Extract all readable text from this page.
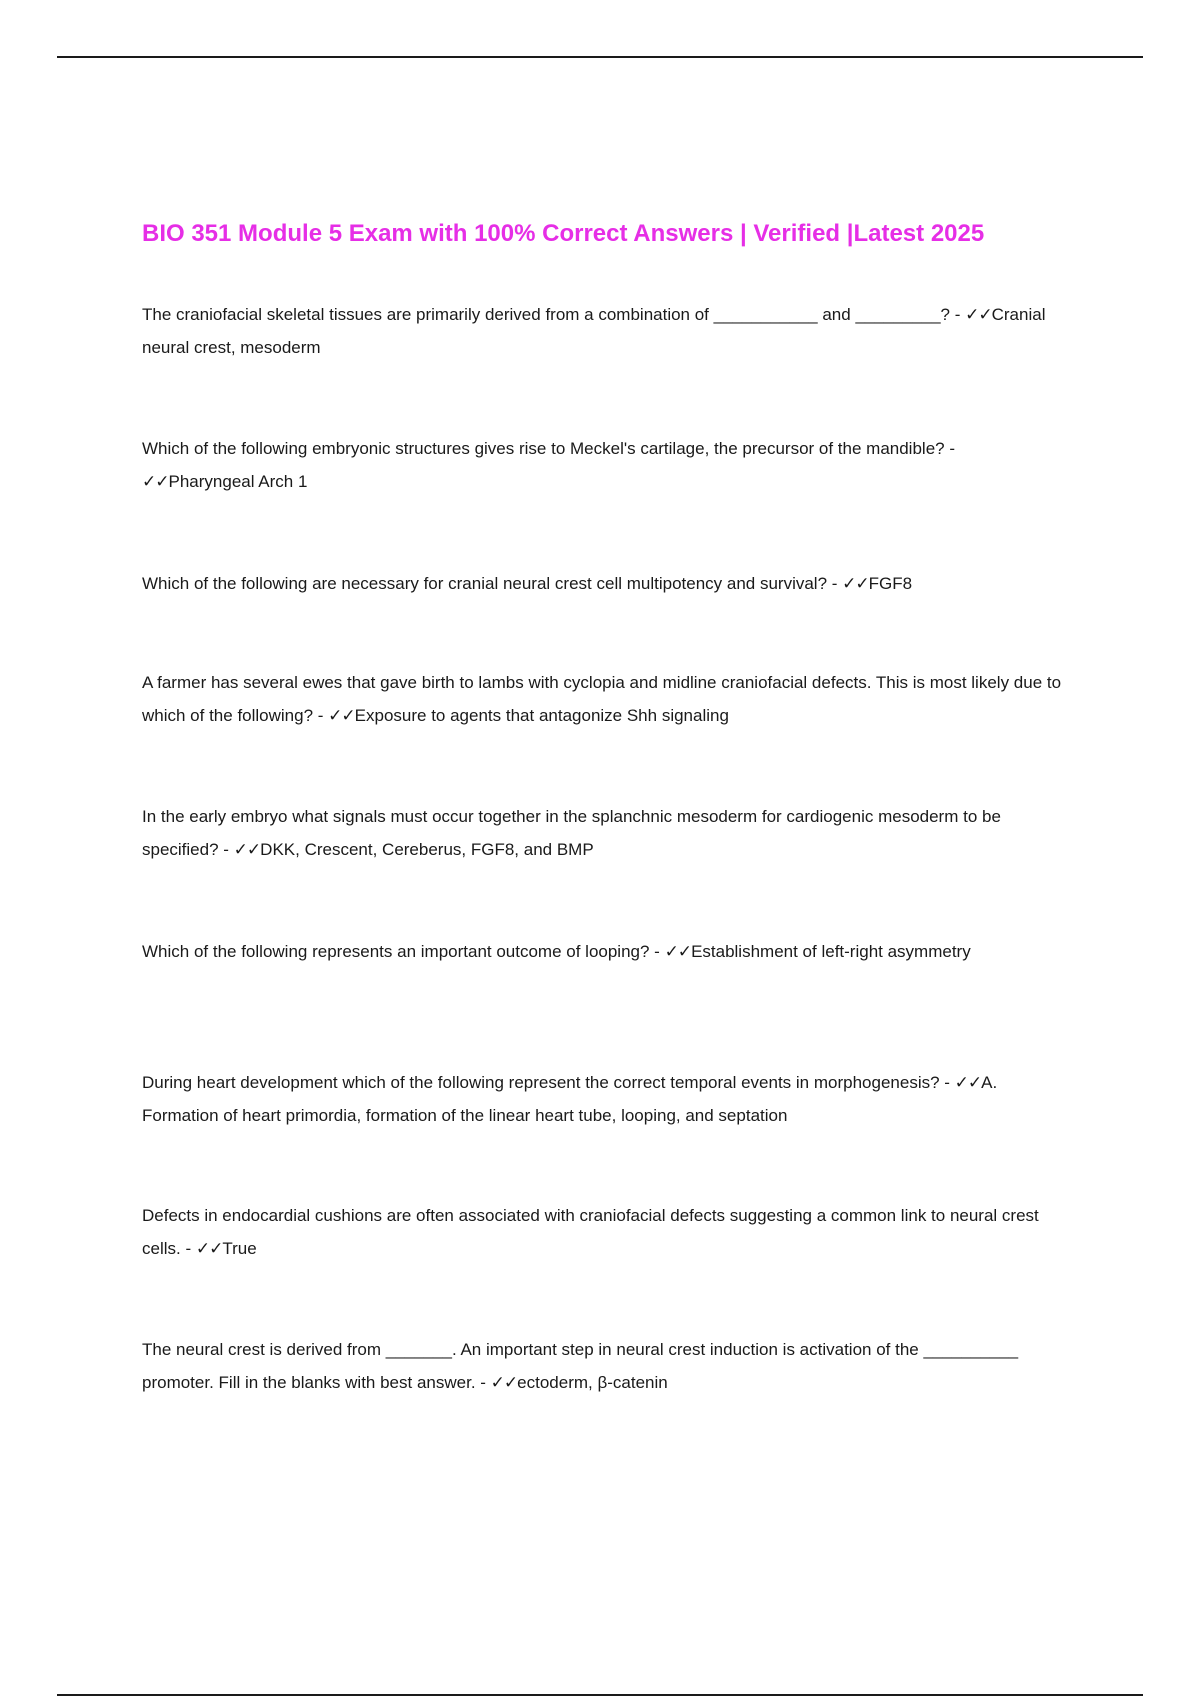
BIO 351 Module 5 Exam with 100% Correct Answers | Verified |Latest 2025

The craniofacial skeletal tissues are primarily derived from a combination of ___________ and _________? - ✓✓Cranial neural crest, mesoderm

Which of the following embryonic structures gives rise to Meckel's cartilage, the precursor of the mandible? - ✓✓Pharyngeal Arch 1

Which of the following are necessary for cranial neural crest cell multipotency and survival? - ✓✓FGF8

A farmer has several ewes that gave birth to lambs with cyclopia and midline craniofacial defects. This is most likely due to which of the following? - ✓✓Exposure to agents that antagonize Shh signaling

In the early embryo what signals must occur together in the splanchnic mesoderm for cardiogenic mesoderm to be specified? - ✓✓DKK, Crescent, Cereberus, FGF8, and BMP

Which of the following represents an important outcome of looping? - ✓✓Establishment of left-right asymmetry

During heart development which of the following represent the correct temporal events in morphogenesis? - ✓✓A. Formation of heart primordia, formation of the linear heart tube, looping, and septation

Defects in endocardial cushions are often associated with craniofacial defects suggesting a common link to neural crest cells. - ✓✓True

The neural crest is derived from _______. An important step in neural crest induction is activation of the __________ promoter. Fill in the blanks with best answer. - ✓✓ectoderm, β-catenin
